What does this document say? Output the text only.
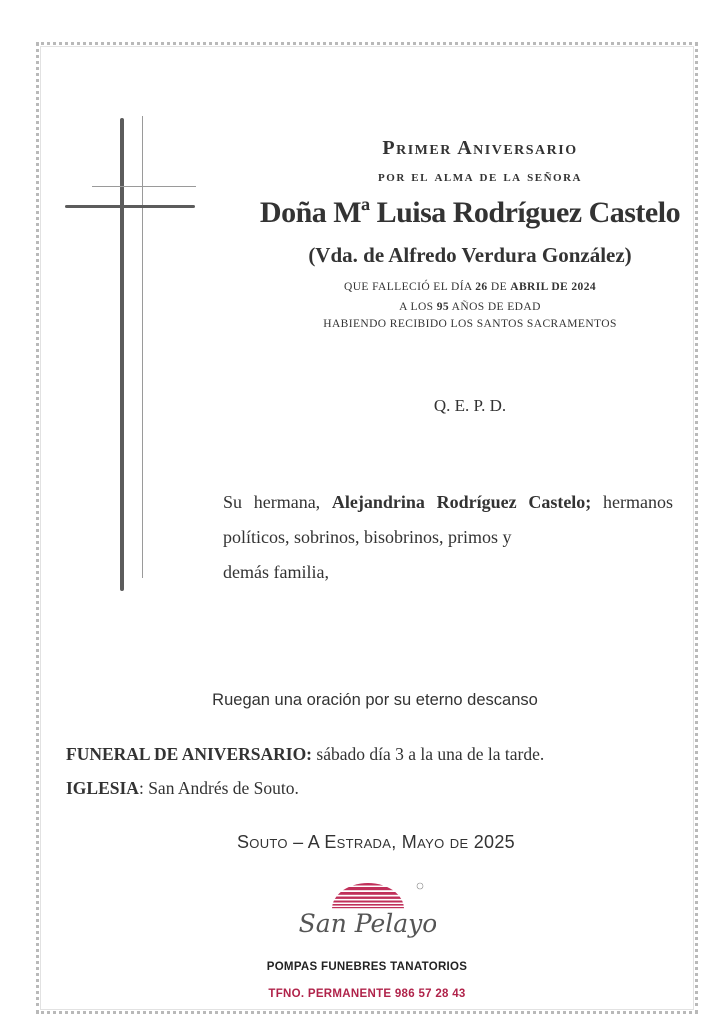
Primer Aniversario
por el alma de la señora
Doña Mª Luisa Rodríguez Castelo
(Vda. de Alfredo Verdura González)
QUE FALLECIÓ EL DÍA 26 DE ABRIL DE 2024
A LOS 95 AÑOS DE EDAD
HABIENDO RECIBIDO LOS SANTOS SACRAMENTOS
Q. E. P. D.
Su hermana, Alejandrina Rodríguez Castelo; hermanos políticos, sobrinos, bisobrinos, primos y
demás familia,
Ruegan una oración por su eterno descanso
FUNERAL DE ANIVERSARIO: sábado día 3 a la una de la tarde.
IGLESIA: San Andrés de Souto.
Souto – A Estrada, Mayo de 2025
San Pelayo
POMPAS FUNEBRES TANATORIOS
TFNO. PERMANENTE 986 57 28 43
